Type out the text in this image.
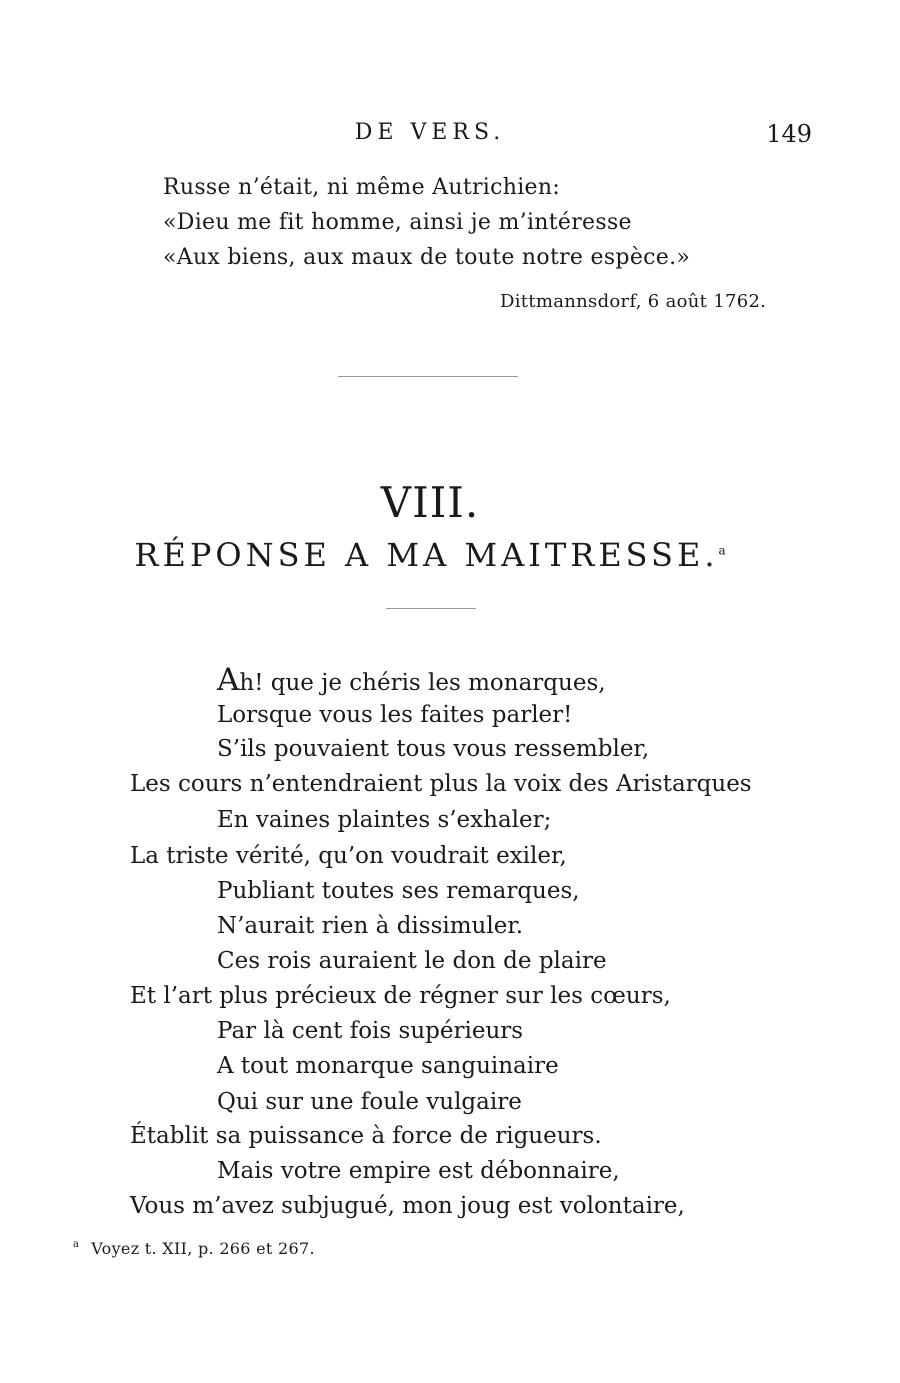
DE VERS.	149
Russe n’était, ni même Autrichien:
«Dieu me fit homme, ainsi je m’intéresse
«Aux biens, aux maux de toute notre espèce.»
Dittmannsdorf, 6 août 1762.
VIII.
RÉPONSE A MA MAITRESSE.$^a$
Ah! que je chéris les monarques,
Lorsque vous les faites parler!
S’ils pouvaient tous vous ressembler,
Les cours n’entendraient plus la voix des Aristarques
En vaines plaintes s’exhaler;
La triste vérité, qu’on voudrait exiler,
Publiant toutes ses remarques,
N’aurait rien à dissimuler.
Ces rois auraient le don de plaire
Et l’art plus précieux de régner sur les cœurs,
Par là cent fois supérieurs
A tout monarque sanguinaire
Qui sur une foule vulgaire
Établit sa puissance à force de rigueurs.
Mais votre empire est débonnaire,
Vous m’avez subjugué, mon joug est volontaire,
$^a$ Voyez t. XII, p. 266 et 267.
